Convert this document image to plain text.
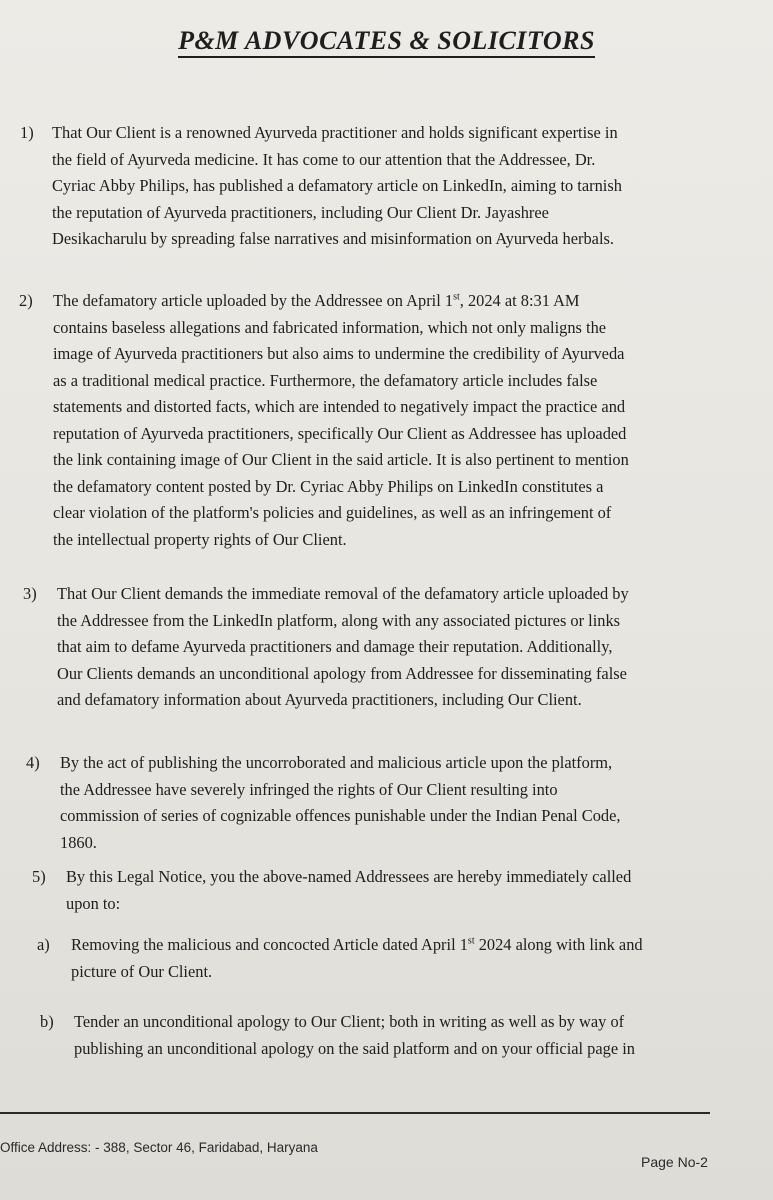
P&M ADVOCATES & SOLICITORS
1) That Our Client is a renowned Ayurveda practitioner and holds significant expertise in
the field of Ayurveda medicine. It has come to our attention that the Addressee, Dr.
Cyriac Abby Philips, has published a defamatory article on LinkedIn, aiming to tarnish
the reputation of Ayurveda practitioners, including Our Client Dr. Jayashree
Desikacharulu by spreading false narratives and misinformation on Ayurveda herbals.
2) The defamatory article uploaded by the Addressee on April 1st, 2024 at 8:31 AM
contains baseless allegations and fabricated information, which not only maligns the
image of Ayurveda practitioners but also aims to undermine the credibility of Ayurveda
as a traditional medical practice. Furthermore, the defamatory article includes false
statements and distorted facts, which are intended to negatively impact the practice and
reputation of Ayurveda practitioners, specifically Our Client as Addressee has uploaded
the link containing image of Our Client in the said article. It is also pertinent to mention
the defamatory content posted by Dr. Cyriac Abby Philips on LinkedIn constitutes a
clear violation of the platform's policies and guidelines, as well as an infringement of
the intellectual property rights of Our Client.
3) That Our Client demands the immediate removal of the defamatory article uploaded by
the Addressee from the LinkedIn platform, along with any associated pictures or links
that aim to defame Ayurveda practitioners and damage their reputation. Additionally,
Our Clients demands an unconditional apology from Addressee for disseminating false
and defamatory information about Ayurveda practitioners, including Our Client.
4) By the act of publishing the uncorroborated and malicious article upon the platform,
the Addressee have severely infringed the rights of Our Client resulting into
commission of series of cognizable offences punishable under the Indian Penal Code,
1860.
5) By this Legal Notice, you the above-named Addressees are hereby immediately called
upon to:
a) Removing the malicious and concocted Article dated April 1st 2024 along with link and
picture of Our Client.
b) Tender an unconditional apology to Our Client; both in writing as well as by way of
publishing an unconditional apology on the said platform and on your official page in
Office Address: - 388, Sector 46, Faridabad, Haryana
Page No-2
